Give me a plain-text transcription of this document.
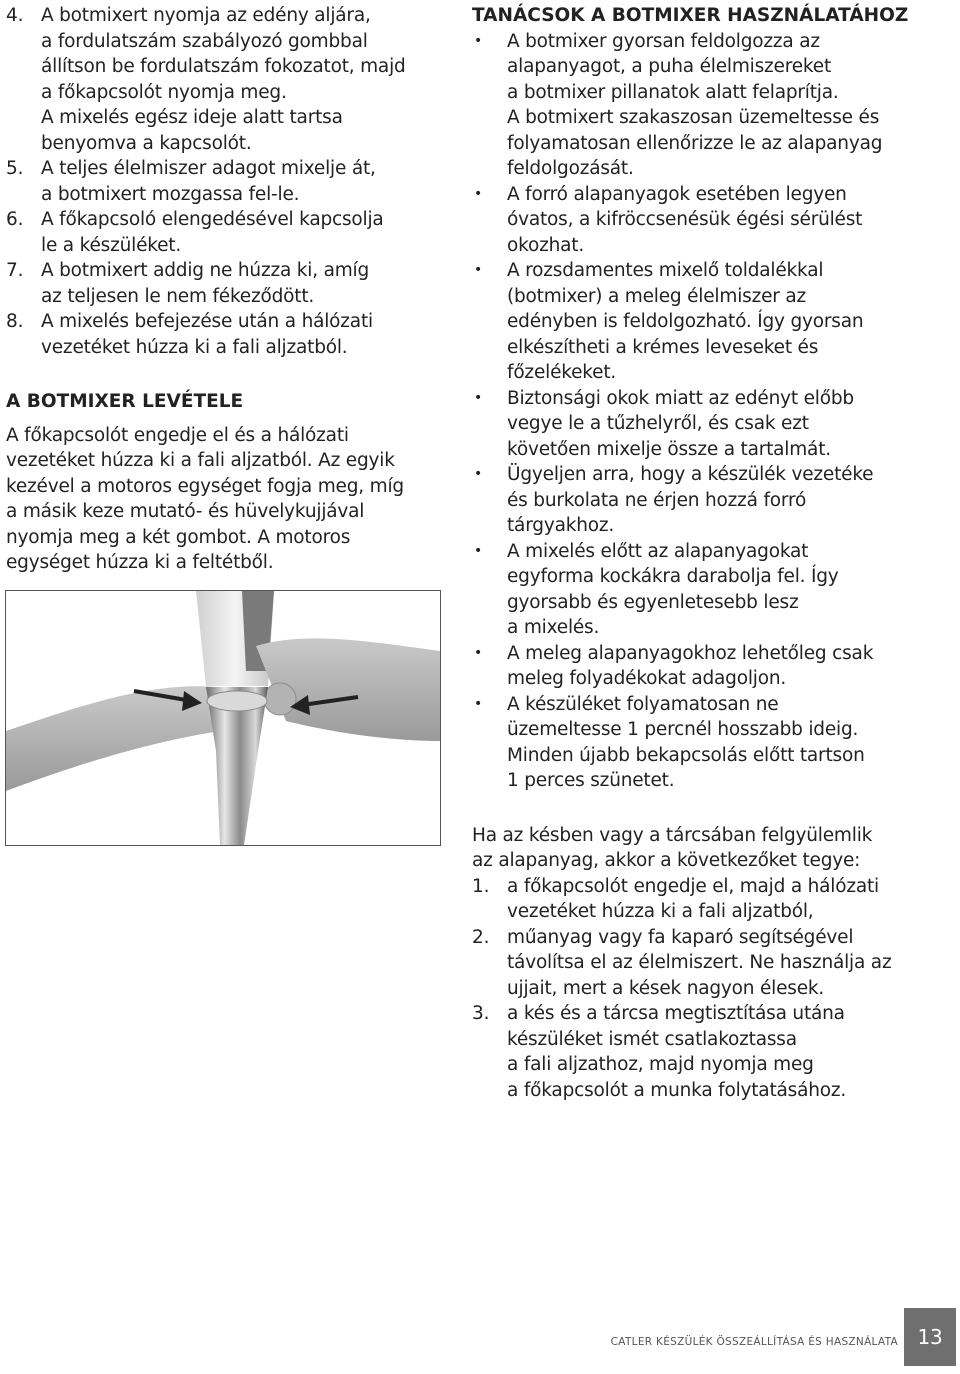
4. A botmixert nyomja az edény aljára,
a fordulatszám szabályozó gombbal
állítson be fordulatszám fokozatot, majd
a főkapcsolót nyomja meg.
A mixelés egész ideje alatt tartsa
benyomva a kapcsolót.
5. A teljes élelmiszer adagot mixelje át,
a botmixert mozgassa fel-le.
6. A főkapcsoló elengedésével kapcsolja
le a készüléket.
7. A botmixert addig ne húzza ki, amíg
az teljesen le nem fékeződött.
8. A mixelés befejezése után a hálózati
vezetéket húzza ki a fali aljzatból.
A BOTMIXER LEVÉTELE
A főkapcsolót engedje el és a hálózati
vezetéket húzza ki a fali aljzatból. Az egyik
kezével a motoros egységet fogja meg, míg
a másik keze mutató- és hüvelykujjával
nyomja meg a két gombot. A motoros
egységet húzza ki a feltétből.
TANÁCSOK A BOTMIXER HASZNÁLATÁHOZ
• A botmixer gyorsan feldolgozza az
alapanyagot, a puha élelmiszereket
a botmixer pillanatok alatt felaprítja.
A botmixert szakaszosan üzemeltesse és
folyamatosan ellenőrizze le az alapanyag
feldolgozását.
• A forró alapanyagok esetében legyen
óvatos, a kifröccsenésük égési sérülést
okozhat.
• A rozsdamentes mixelő toldalékkal
(botmixer) a meleg élelmiszer az
edényben is feldolgozható. Így gyorsan
elkészítheti a krémes leveseket és
főzelékeket.
• Biztonsági okok miatt az edényt előbb
vegye le a tűzhelyről, és csak ezt
követően mixelje össze a tartalmát.
• Ügyeljen arra, hogy a készülék vezetéke
és burkolata ne érjen hozzá forró
tárgyakhoz.
• A mixelés előtt az alapanyagokat
egyforma kockákra darabolja fel. Így
gyorsabb és egyenletesebb lesz
a mixelés.
• A meleg alapanyagokhoz lehetőleg csak
meleg folyadékokat adagoljon.
• A készüléket folyamatosan ne
üzemeltesse 1 percnél hosszabb ideig.
Minden újabb bekapcsolás előtt tartson
1 perces szünetet.
Ha az késben vagy a tárcsában felgyülemlik
az alapanyag, akkor a következőket tegye:
1. a főkapcsolót engedje el, majd a hálózati
vezetéket húzza ki a fali aljzatból,
2. műanyag vagy fa kaparó segítségével
távolítsa el az élelmiszert. Ne használja az
ujjait, mert a kések nagyon élesek.
3. a kés és a tárcsa megtisztítása utána
készüléket ismét csatlakoztassa
a fali aljzathoz, majd nyomja meg
a főkapcsolót a munka folytatásához.
CATLER KÉSZÜLÉK ÖSSZEÁLLÍTÁSA ÉS HASZNÁLATA 13
